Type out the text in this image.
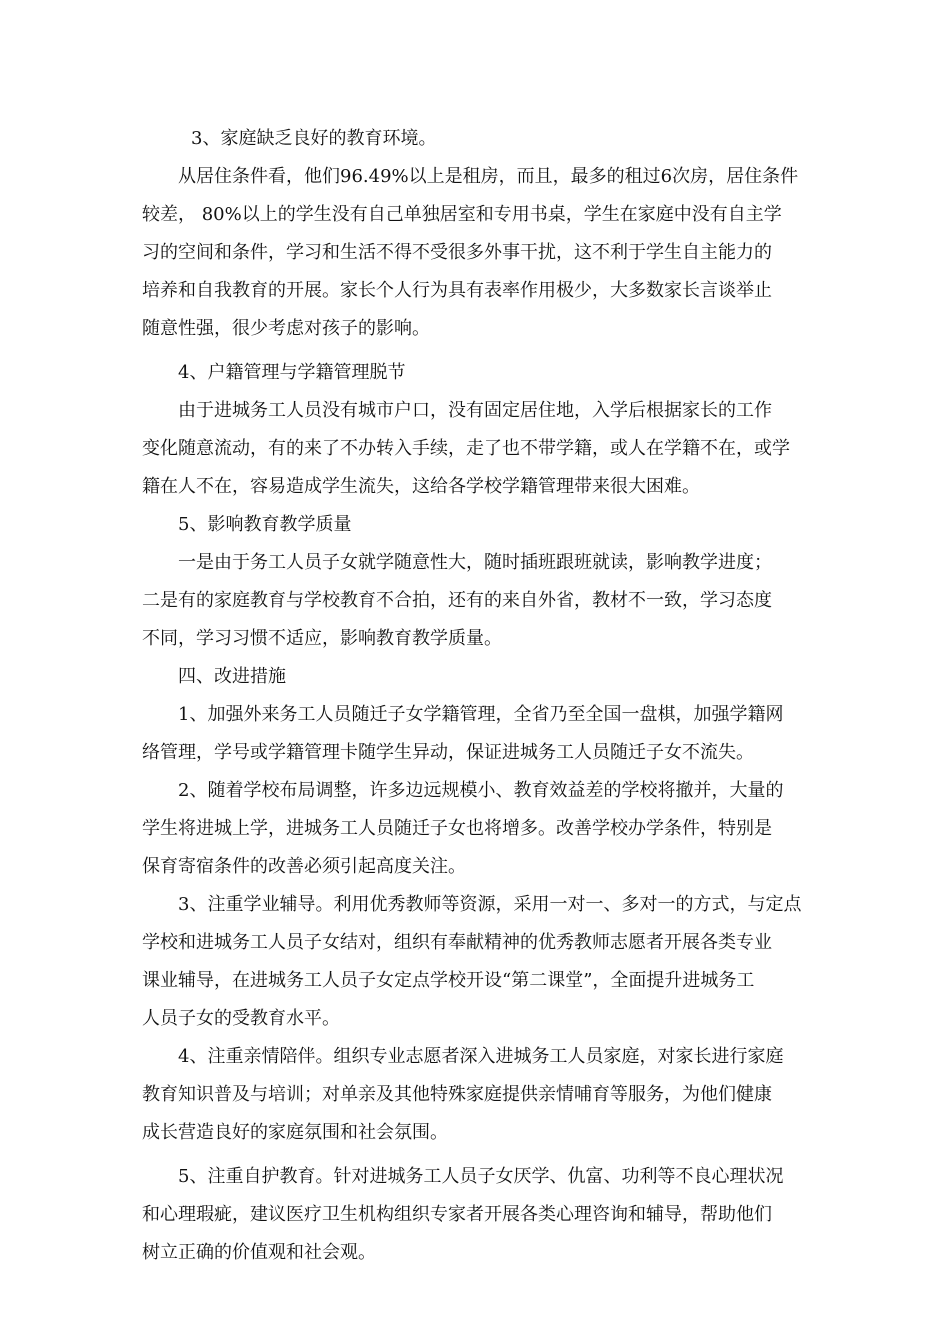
3、家庭缺乏良好的教育环境。
从居住条件看，他们96.49%以上是租房，而且，最多的租过6次房，居住条件
较差， 80%以上的学生没有自己单独居室和专用书桌，学生在家庭中没有自主学
习的空间和条件，学习和生活不得不受很多外事干扰，这不利于学生自主能力的
培养和自我教育的开展。家长个人行为具有表率作用极少，大多数家长言谈举止
随意性强，很少考虑对孩子的影响。
4、户籍管理与学籍管理脱节
由于进城务工人员没有城市户口，没有固定居住地，入学后根据家长的工作
变化随意流动，有的来了不办转入手续，走了也不带学籍，或人在学籍不在，或学
籍在人不在，容易造成学生流失，这给各学校学籍管理带来很大困难。
5、影响教育教学质量
一是由于务工人员子女就学随意性大，随时插班跟班就读，影响教学进度；
二是有的家庭教育与学校教育不合拍，还有的来自外省，教材不一致，学习态度
不同，学习习惯不适应，影响教育教学质量。
四、改进措施
1、加强外来务工人员随迁子女学籍管理，全省乃至全国一盘棋，加强学籍网
络管理，学号或学籍管理卡随学生异动，保证进城务工人员随迁子女不流失。
2、随着学校布局调整，许多边远规模小、教育效益差的学校将撤并，大量的
学生将进城上学，进城务工人员随迁子女也将增多。改善学校办学条件，特别是
保育寄宿条件的改善必须引起高度关注。
3、注重学业辅导。利用优秀教师等资源，采用一对一、多对一的方式，与定点
学校和进城务工人员子女结对，组织有奉献精神的优秀教师志愿者开展各类专业
课业辅导，在进城务工人员子女定点学校开设“第二课堂”，全面提升进城务工
人员子女的受教育水平。
4、注重亲情陪伴。组织专业志愿者深入进城务工人员家庭，对家长进行家庭
教育知识普及与培训；对单亲及其他特殊家庭提供亲情哺育等服务，为他们健康
成长营造良好的家庭氛围和社会氛围。
5、注重自护教育。针对进城务工人员子女厌学、仇富、功利等不良心理状况
和心理瑕疵，建议医疗卫生机构组织专家者开展各类心理咨询和辅导，帮助他们
树立正确的价值观和社会观。
